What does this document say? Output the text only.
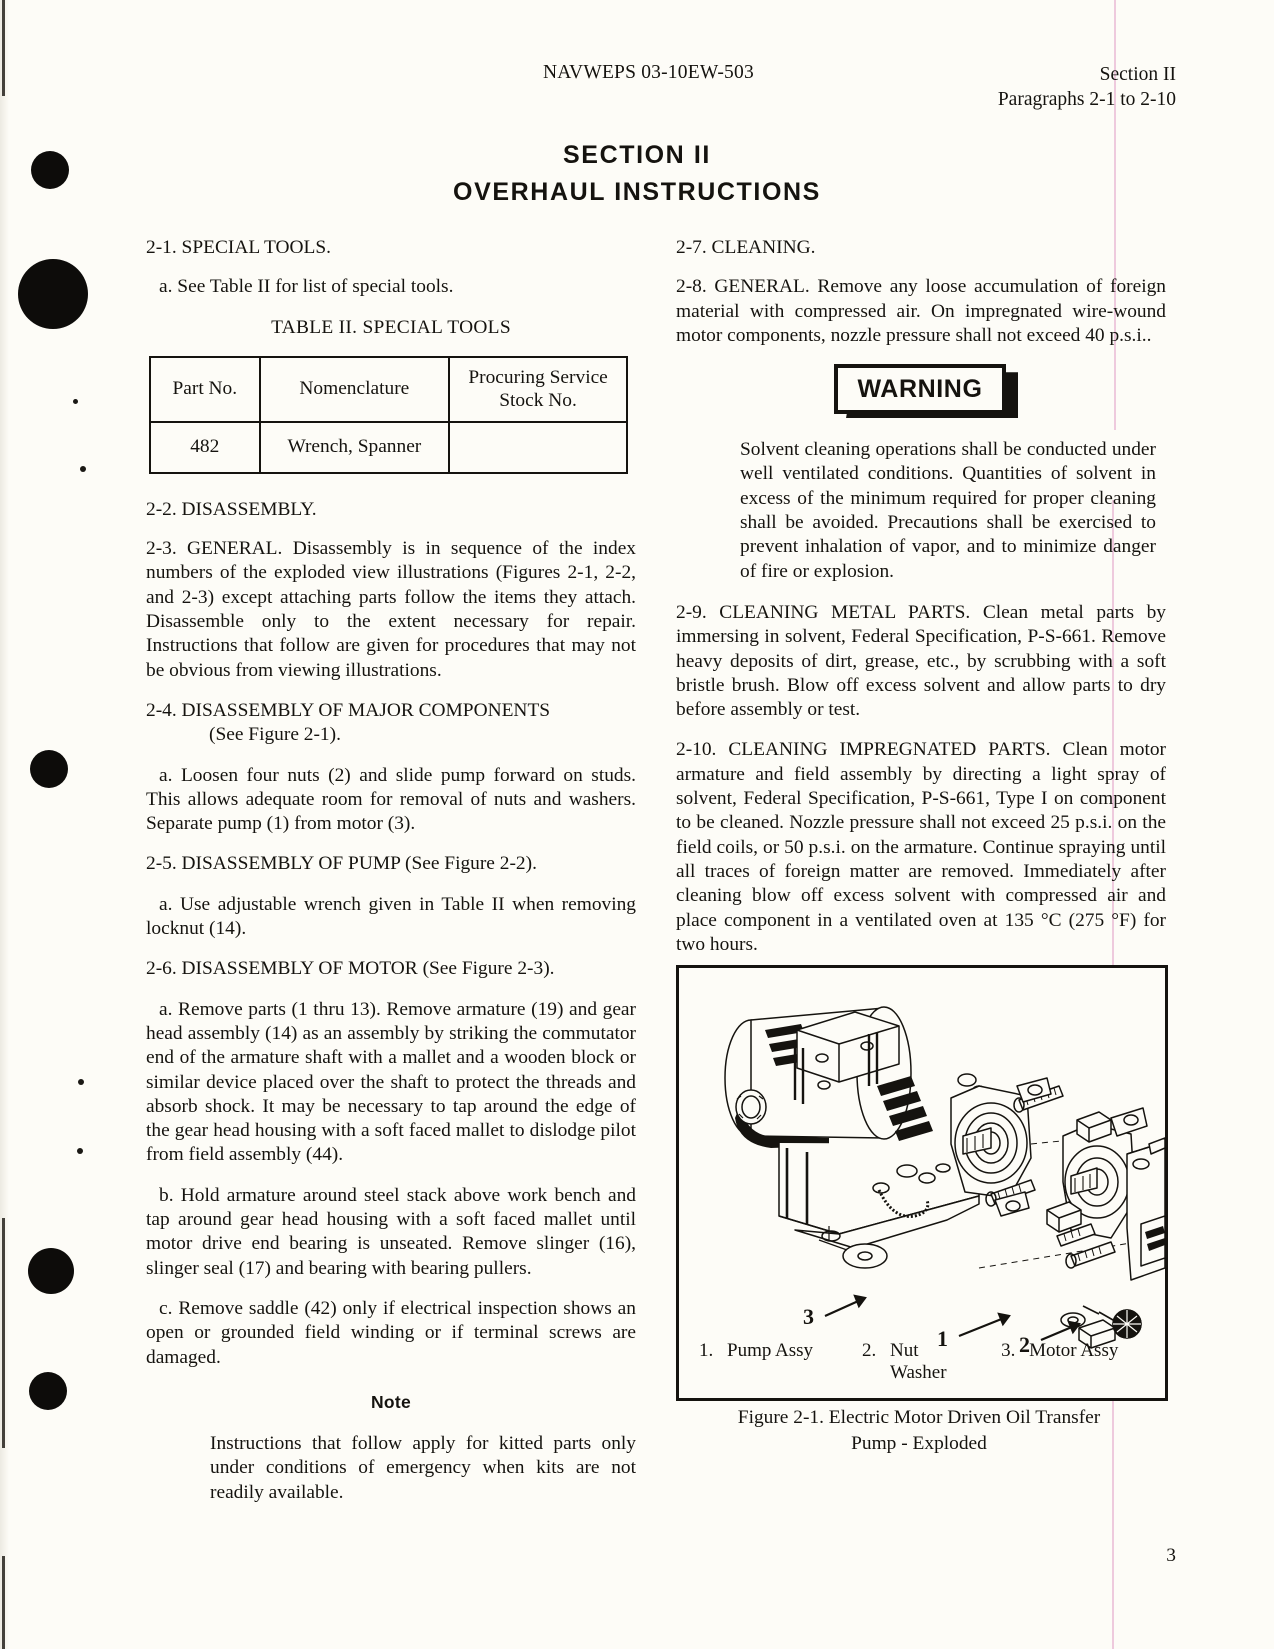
NAVWEPS 03-10EW-503	Section II
Paragraphs 2-1 to 2-10
SECTION II
OVERHAUL INSTRUCTIONS

2-1. SPECIAL TOOLS.

a. See Table II for list of special tools.

TABLE II. SPECIAL TOOLS

Part No.	Nomenclature	Procuring Service
Stock No.

482	Wrench, Spanner	

2-2. DISASSEMBLY.

2-3. GENERAL. Disassembly is in sequence of the index numbers of the exploded view illustrations (Figures 2-1, 2-2, and 2-3) except attaching parts follow the items they attach. Disassemble only to the extent necessary for repair. Instructions that follow are given for procedures that may not be obvious from viewing illustrations.

2-4. DISASSEMBLY OF MAJOR COMPONENTS
(See Figure 2-1).

a. Loosen four nuts (2) and slide pump forward on studs. This allows adequate room for removal of nuts and washers. Separate pump (1) from motor (3).

2-5. DISASSEMBLY OF PUMP (See Figure 2-2).

a. Use adjustable wrench given in Table II when removing locknut (14).

2-6. DISASSEMBLY OF MOTOR (See Figure 2-3).

a. Remove parts (1 thru 13). Remove armature (19) and gear head assembly (14) as an assembly by striking the commutator end of the armature shaft with a mallet and a wooden block or similar device placed over the shaft to protect the threads and absorb shock. It may be necessary to tap around the edge of the gear head housing with a soft faced mallet to dislodge pilot from field assembly (44).

b. Hold armature around steel stack above work bench and tap around gear head housing with a soft faced mallet until motor drive end bearing is unseated. Remove slinger (16), slinger seal (17) and bearing with bearing pullers.

c. Remove saddle (42) only if electrical inspection shows an open or grounded field winding or if terminal screws are damaged.

Note

Instructions that follow apply for kitted parts only under conditions of emergency when kits are not readily available.

2-7. CLEANING.

2-8. GENERAL. Remove any loose accumulation of foreign material with compressed air. On impregnated wire-wound motor components, nozzle pressure shall not exceed 40 p.s.i..

WARNING

Solvent cleaning operations shall be conducted under well ventilated conditions. Quantities of solvent in excess of the minimum required for proper cleaning shall be avoided. Precautions shall be exercised to prevent inhalation of vapor, and to minimize danger of fire or explosion.

2-9. CLEANING METAL PARTS. Clean metal parts by immersing in solvent, Federal Specification, P-S-661. Remove heavy deposits of dirt, grease, etc., by scrubbing with a soft bristle brush. Blow off excess solvent and allow parts to dry before assembly or test.

2-10. CLEANING IMPREGNATED PARTS. Clean motor armature and field assembly by directing a light spray of solvent, Federal Specification, P-S-661, Type I on component to be cleaned. Nozzle pressure shall not exceed 25 p.s.i. on the field coils, or 50 p.s.i. on the armature. Continue spraying until all traces of foreign matter are removed. Immediately after cleaning blow off excess solvent with compressed air and place component in a ventilated oven at 135 °C (275 °F) for two hours.

3
1	2
1. Pump Assy	2. Nut
Washer
3. Motor Assy
Figure 2-1. Electric Motor Driven Oil Transfer
Pump - Exploded
3
